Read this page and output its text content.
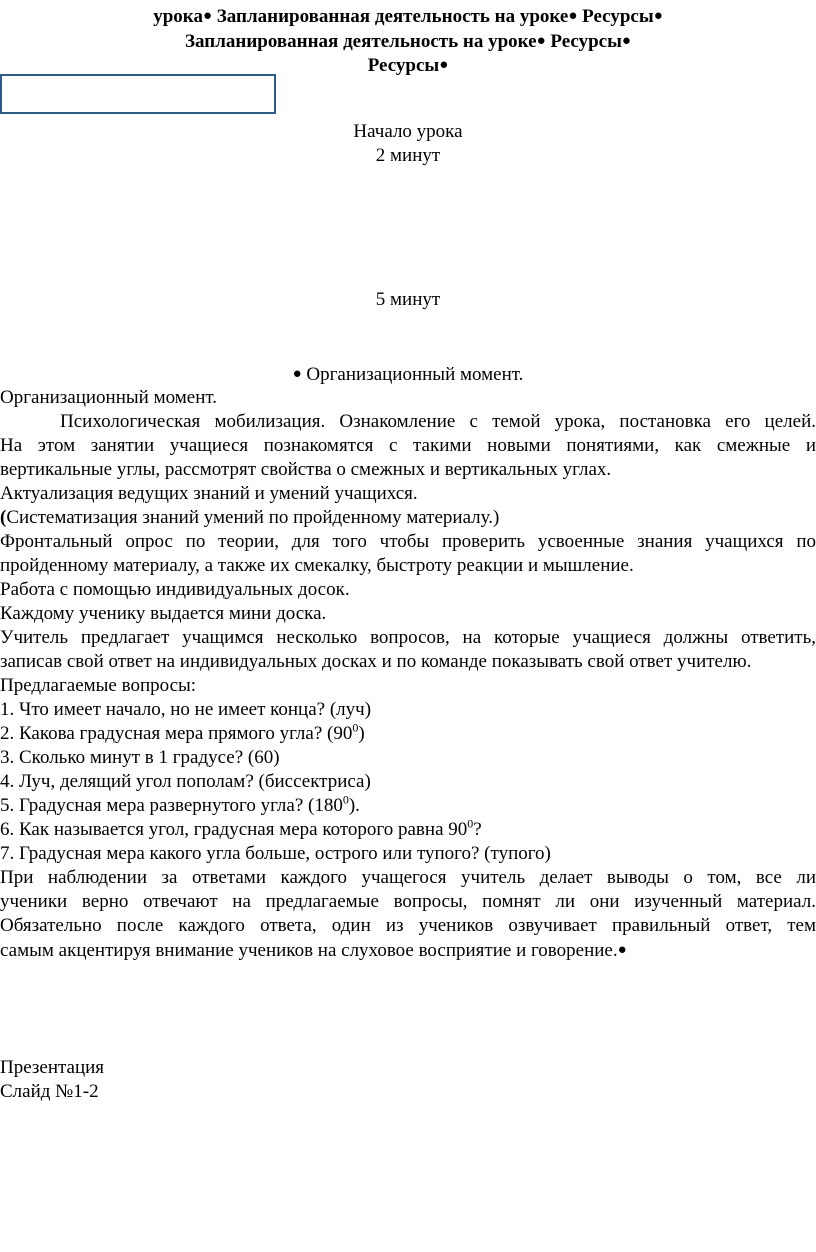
урока● Запланированная деятельность на уроке● Ресурсы●
Запланированная деятельность на уроке● Ресурсы●
Ресурсы●
Начало урока
2 минут
5 минут
● Организационный момент.
Организационный момент.
Психологическая мобилизация. Ознакомление с темой урока, постановка его целей.
На этом занятии учащиеся познакомятся с такими новыми понятиями, как смежные и
вертикальные углы, рассмотрят свойства о смежных и вертикальных углах.
Актуализация ведущих знаний и умений учащихся.
(Систематизация знаний умений по пройденному материалу.)
Фронтальный опрос по теории, для того чтобы проверить усвоенные знания учащихся по
пройденному материалу, а также их смекалку, быстроту реакции и мышление.
Работа с помощью индивидуальных досок.
Каждому ученику выдается мини доска.
Учитель предлагает учащимся несколько вопросов, на которые учащиеся должны ответить,
записав свой ответ на индивидуальных досках и по команде показывать свой ответ учителю.
Предлагаемые вопросы:
1. Что имеет начало, но не имеет конца? (луч)
2. Какова градусная мера прямого угла? $(90^0)$
3. Сколько минут в 1 градусе? (60)
4. Луч, делящий угол пополам? (биссектриса)
5. Градусная мера развернутого угла? $(180^0)$.
6. Как называется угол, градусная мера которого равна $90^0$?
7. Градусная мера какого угла больше, острого или тупого? (тупого)
При наблюдении за ответами каждого учащегося учитель делает выводы о том, все ли
ученики верно отвечают на предлагаемые вопросы, помнят ли они изученный материал.
Обязательно после каждого ответа, один из учеников озвучивает правильный ответ, тем
самым акцентируя внимание учеников на слуховое восприятие и говорение.●
Презентация
Слайд №1-2
